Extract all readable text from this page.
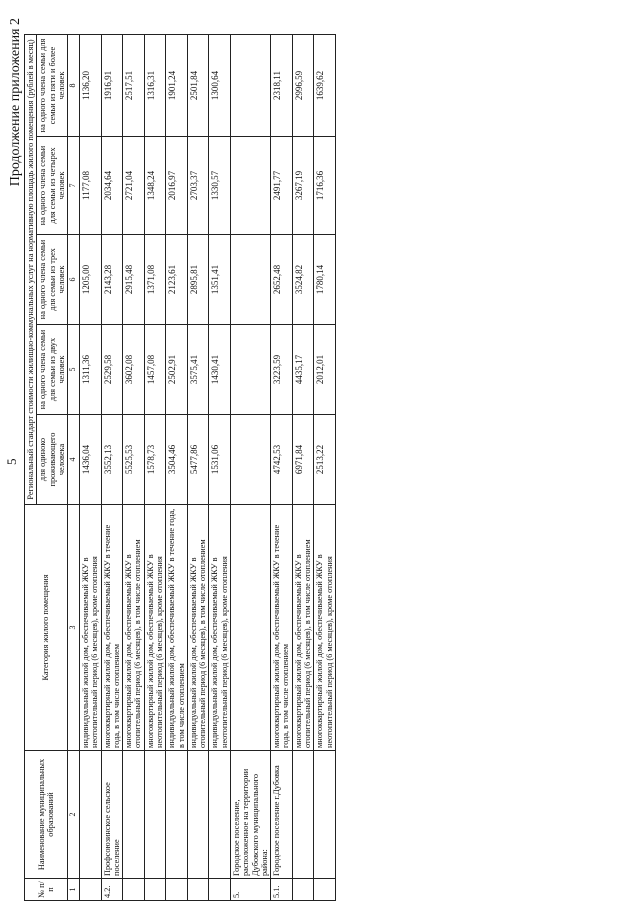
5
Продолжение приложения 2
№ п/п	Наименование муниципальных образований	Категория жилого помещения	Региональный стандарт стоимости жилищно-коммунальных услуг на нормативную площадь жилого помещения (рублей в месяц)				
			для одиноко проживающего человека	на одного члена семьи для семьи из двух человек	на одного члена семьи для семьи из трех человек	на одного члена семьи для семьи из четырех человек	на одного члена семьи для семьи из пяти и более человек
1	2	3	4	5	6	7	8
		индивидуальный жилой дом, обеспечиваемый ЖКУ в неотопительный период (6 месяцев), кроме отопления	1436,04	1311,36	1205,00	1177,08	1136,20
4.2.	Профсоюзинское сельское поселение	многоквартирный жилой дом, обеспечиваемый ЖКУ в течение года, в том числе отоплением	3552,13	2529,58	2143,28	2034,64	1916,91
		многоквартирный жилой дом, обеспечиваемый ЖКУ в отопительный период (6 месяцев), в том числе отоплением	5525,53	3602,08	2915,48	2721,04	2517,51
		многоквартирный жилой дом, обеспечиваемый ЖКУ в неотопительный период (6 месяцев), кроме отопления	1578,73	1457,08	1371,08	1348,24	1316,31
		индивидуальный жилой дом, обеспечиваемый ЖКУ в течение года, в том числе отоплением	3504,46	2502,91	2123,61	2016,97	1901,24
		индивидуальный жилой дом, обеспечиваемый ЖКУ в отопительный период (6 месяцев), в том числе отоплением	5477,86	3575,41	2895,81	2703,37	2501,84
		индивидуальный жилой дом, обеспечиваемый ЖКУ в неотопительный период (6 месяцев), кроме отопления	1531,06	1430,41	1351,41	1330,57	1300,64
5.	Городское поселение, расположенное на территории Дубовского муниципального района:						
5.1.	Городское поселение г.Дубовка	многоквартирный жилой дом, обеспечиваемый ЖКУ в течение года, в том числе отоплением	4742,53	3223,59	2652,48	2491,77	2318,11
		многоквартирный жилой дом, обеспечиваемый ЖКУ в отопительный период (6 месяцев), в том числе отоплением	6971,84	4435,17	3524,82	3267,19	2996,59
		многоквартирный жилой дом, обеспечиваемый ЖКУ в неотопительный период (6 месяцев), кроме отопления	2513,22	2012,01	1780,14	1716,36	1639,62
